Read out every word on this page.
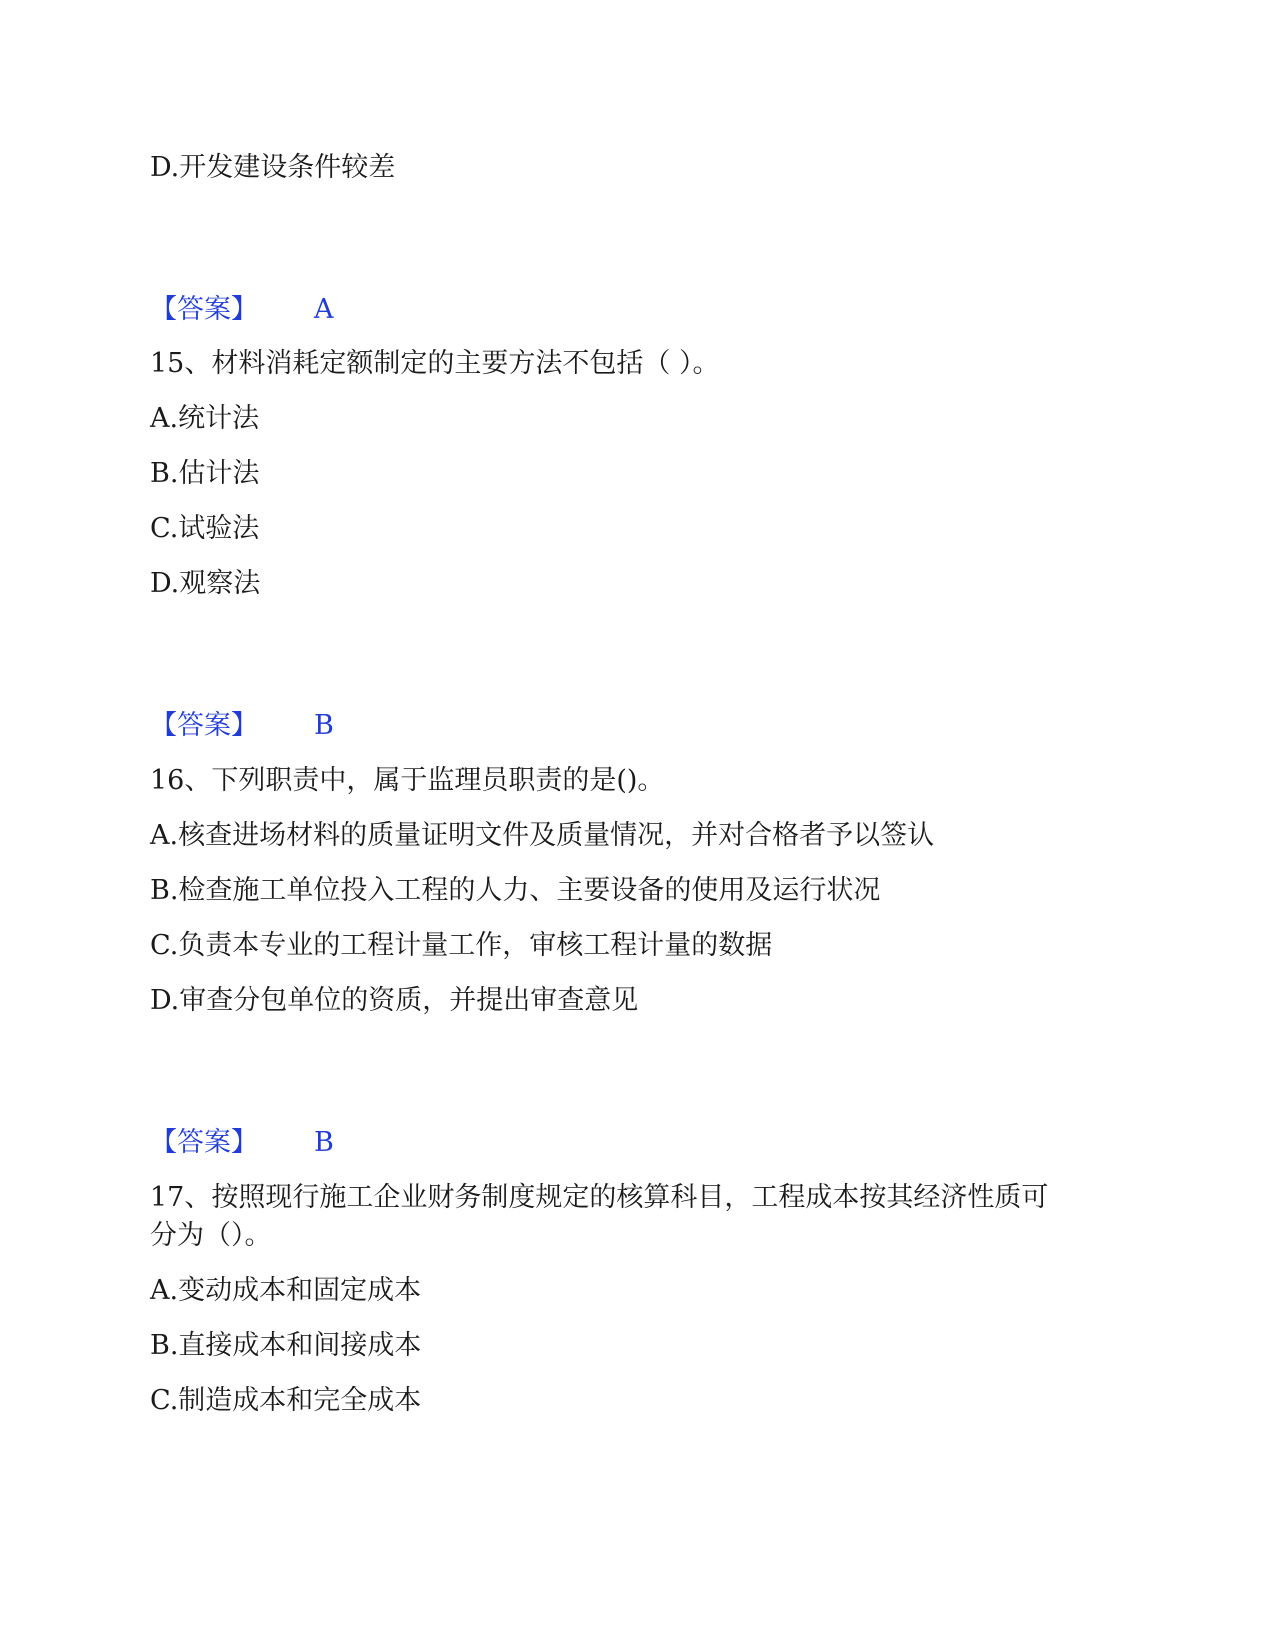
D.开发建设条件较差

【答案】 A

15、材料消耗定额制定的主要方法不包括（ ）。

A.统计法

B.估计法

C.试验法

D.观察法

【答案】 B

16、下列职责中，属于监理员职责的是()。

A.核查进场材料的质量证明文件及质量情况，并对合格者予以签认

B.检查施工单位投入工程的人力、主要设备的使用及运行状况

C.负责本专业的工程计量工作，审核工程计量的数据

D.审查分包单位的资质，并提出审查意见

【答案】 B

17、按照现行施工企业财务制度规定的核算科目，工程成本按其经济性质可

分为（）。

A.变动成本和固定成本

B.直接成本和间接成本

C.制造成本和完全成本
